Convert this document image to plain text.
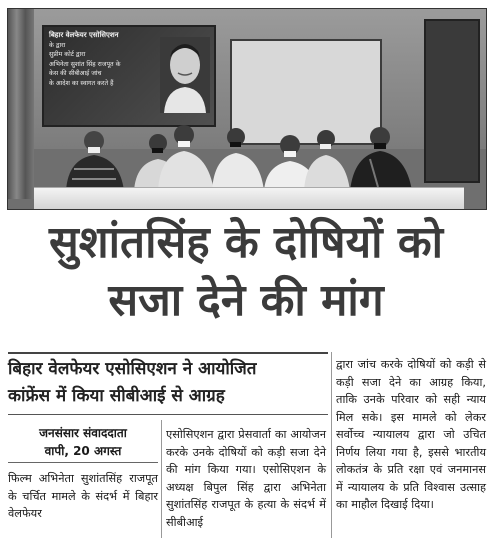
बिहार वेलफेयर एसोसिएशन
के द्वारा
सुप्रीम कोर्ट द्वारा
अभिनेता सुशांत सिंह राजपूत के
केस की सीबीआई जांच
के आदेश का स्वागत करते हैं
सुशांतसिंह के दोषियों को
सजा देने की मांग
बिहार वेलफेयर एसोसिएशन ने आयोजित
कांफ्रेंस में किया सीबीआई से आग्रह
जनसंसार संवाददाता
वापी, 20 अगस्त
फिल्म अभिनेता सुशांतसिंह राजपूत के चर्चित मामले के संदर्भ में बिहार वेलफेयर
एसोसिएशन द्वारा प्रेसवार्ता का आयोजन करके उनके दोषियों को कड़ी सजा देने की मांग किया गया। एसोसिएशन के अध्यक्ष बिपुल सिंह द्वारा अभिनेता सुशांतसिंह राजपूत के हत्या के संदर्भ में सीबीआई
द्वारा जांच करके दोषियों को कड़ी से कड़ी सजा देने का आग्रह किया, ताकि उनके परिवार को सही न्याय मिल सके। इस मामले को लेकर सर्वोच्च न्यायालय द्वारा जो उचित निर्णय लिया गया है, इससे भारतीय लोकतंत्र के प्रति रक्षा एवं जनमानस में न्यायालय के प्रति विश्वास उत्साह का माहौल दिखाई दिया।
